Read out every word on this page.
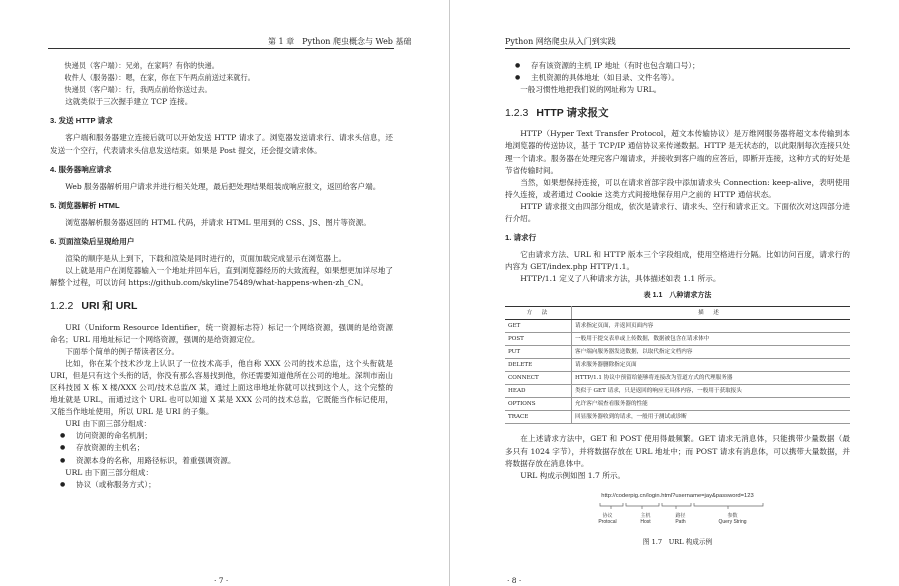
第 1 章　Python 爬虫概念与 Web 基础

快递员（客户端）：兄弟，在家吗？有你的快递。

收件人（服务器）：嗯，在家，你在下午两点前送过来就行。

快递员（客户端）：行，我两点前给你送过去。

这就类似于三次握手建立 TCP 连接。

3. 发送 HTTP 请求

客户端和服务器建立连接后就可以开始发送 HTTP 请求了。浏览器发送请求行、请求头信息，还发送一个空行，代表请求头信息发送结束。如果是 Post 提交，还会提交请求体。

4. 服务器响应请求

Web 服务器解析用户请求并进行相关处理，最后把处理结果组装成响应报文，返回给客户端。

5. 浏览器解析 HTML

浏览器解析服务器返回的 HTML 代码，并请求 HTML 里用到的 CSS、JS、图片等资源。

6. 页面渲染后呈现给用户

渲染的顺序是从上到下，下载和渲染是同时进行的，页面加载完成显示在浏览器上。

以上就是用户在浏览器输入一个地址并回车后，直到浏览器经历的大致流程，如果想更加详尽地了解整个过程，可以访问 https://github.com/skyline75489/what-happens-when-zh_CN。

1.2.2 URI 和 URL

URI（Uniform Resource Identifier，统一资源标志符）标记一个网络资源，强调的是给资源命名；URL 用地址标记一个网络资源，强调的是给资源定位。

下面举个简单的例子帮读者区分。

比如，你在某个技术沙龙上认识了一位技术高手，他自称 XXX 公司的技术总监，这个头衔就是 URI，但是只有这个头衔的话，你没有那么容易找到他，你还需要知道他所在公司的地址。深圳市南山区科技园 X 栋 X 楼/XXX 公司/技术总监/X 某，通过上面这串地址你就可以找到这个人，这个完整的地址就是 URL，而通过这个 URL 也可以知道 X 某是 XXX 公司的技术总监，它既能当作标记使用，又能当作地址使用，所以 URL 是 URI 的子集。

URI 由下面三部分组成：

● 访问资源的命名机制；
● 存放资源的主机名；
● 资源本身的名称，用路径标识，着重强调资源。

URL 由下面三部分组成：

● 协议（或称服务方式）；
· 7 ·
Python 网络爬虫从入门到实践
● 存有该资源的主机 IP 地址（有时也包含端口号）；
● 主机资源的具体地址（如目录、文件名等）。

一般习惯性地把我们说的网址称为 URL。

1.2.3 HTTP 请求报文

HTTP（Hyper Text Transfer Protocol，超文本传输协议）是万维网服务器将超文本传输到本地浏览器的传送协议，基于 TCP/IP 通信协议来传递数据。HTTP 是无状态的，以此限制每次连接只处理一个请求。服务器在处理完客户端请求，并接收到客户端的应答后，即断开连接，这种方式的好处是节省传输时间。

当然，如果想保持连接，可以在请求首部字段中添加请求头 Connection: keep-alive，表明使用持久连接，或者通过 Cookie 这类方式间接地保存用户之前的 HTTP 通信状态。

HTTP 请求报文由四部分组成，依次是请求行、请求头、空行和请求正文。下面依次对这四部分进行介绍。

1. 请求行

它由请求方法、URL 和 HTTP 版本三个字段组成，使用空格进行分隔。比如访问百度，请求行的内容为 GET/index.php HTTP/1.1。

HTTP/1.1 定义了八种请求方法，具体描述如表 1.1 所示。

表 1.1　八种请求方法
方　法	描　述
GET	请求指定页面，并返回页面内容
POST	一般用于提交表单或上传数据，数据被包含在请求体中
PUT	客户端向服务器发送数据，以取代指定文档内容
DELETE	请求服务器删除指定页面
CONNECT	HTTP/1.1 协议中预留给能够将连接改为管道方式的代理服务器
HEAD	类似于 GET 请求，只是返回的响应无具体内容，一般用于获取报头
OPTIONS	允许客户端查看服务器的性能
TRACE	回显服务器收到的请求，一般用于测试或诊断

在上述请求方法中，GET 和 POST 使用得最频繁。GET 请求无消息体，只能携带少量数据（最多只有 1024 字节），并将数据存放在 URL 地址中；而 POST 请求有消息体，可以携带大量数据，并将数据存放在消息体中。

URL 构成示例如图 1.7 所示。

http://coderpig.cn/login.html?username=jay&password=123
协议
Protocal
主机
Host
路径
Path
参数
Query String
图 1.7　URL 构成示例
· 8 ·
